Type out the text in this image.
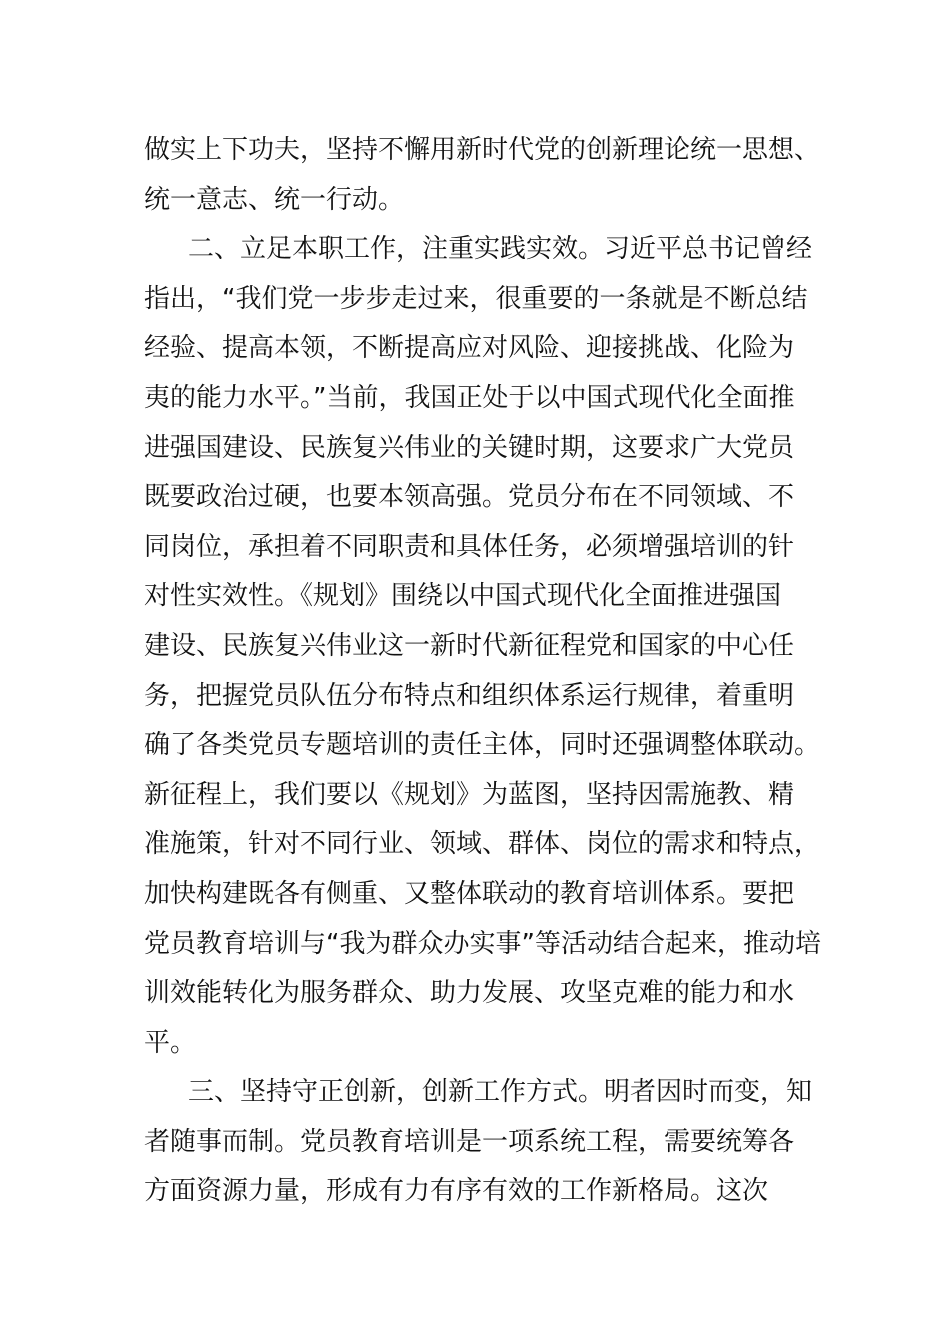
做实上下功夫，坚持不懈用新时代党的创新理论统一思想、
统一意志、统一行动。
二、立足本职工作，注重实践实效。习近平总书记曾经
指出，“我们党一步步走过来，很重要的一条就是不断总结
经验、提高本领，不断提高应对风险、迎接挑战、化险为
夷的能力水平。”当前，我国正处于以中国式现代化全面推
进强国建设、民族复兴伟业的关键时期，这要求广大党员
既要政治过硬，也要本领高强。党员分布在不同领域、不
同岗位，承担着不同职责和具体任务，必须增强培训的针
对性实效性。《规划》围绕以中国式现代化全面推进强国
建设、民族复兴伟业这一新时代新征程党和国家的中心任
务，把握党员队伍分布特点和组织体系运行规律，着重明
确了各类党员专题培训的责任主体，同时还强调整体联动。
新征程上，我们要以《规划》为蓝图，坚持因需施教、精
准施策，针对不同行业、领域、群体、岗位的需求和特点，
加快构建既各有侧重、又整体联动的教育培训体系。要把
党员教育培训与“我为群众办实事”等活动结合起来，推动培
训效能转化为服务群众、助力发展、攻坚克难的能力和水
平。
三、坚持守正创新，创新工作方式。明者因时而变，知
者随事而制。党员教育培训是一项系统工程，需要统筹各
方面资源力量，形成有力有序有效的工作新格局。这次
